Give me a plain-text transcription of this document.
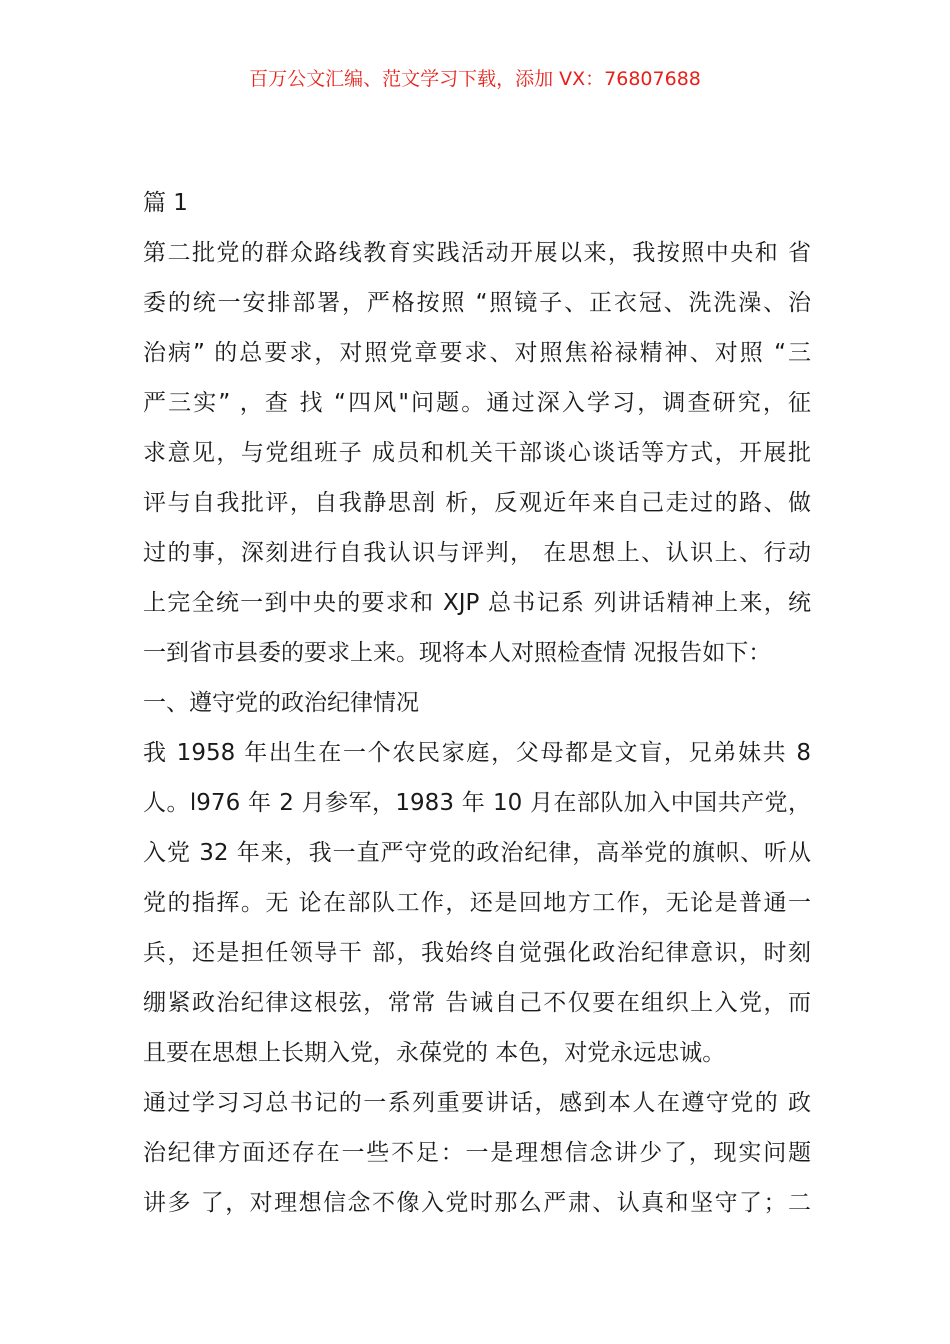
百万公文汇编、范文学习下载，添加 VX：76807688
篇 1
第二批党的群众路线教育实践活动开展以来，我按照中央和 省
委的统一安排部署，严格按照 “照镜子、正衣冠、洗洗澡、治
治病” 的总要求，对照党章要求、对照焦裕禄精神、对照 “三
严三实” ，查 找 “四风"问题。通过深入学习，调查研究，征
求意见，与党组班子 成员和机关干部谈心谈话等方式，开展批
评与自我批评，自我静思剖 析，反观近年来自己走过的路、做
过的事，深刻进行自我认识与评判， 在思想上、认识上、行动
上完全统一到中央的要求和 XJP 总书记系 列讲话精神上来，统
一到省市县委的要求上来。现将本人对照检查情 况报告如下：
一、遵守党的政治纪律情况
我 1958 年出生在一个农民家庭，父母都是文盲，兄弟妹共 8
人。l976 年 2 月参军，1983 年 10 月在部队加入中国共产党，
入党 32 年来，我一直严守党的政治纪律，高举党的旗帜、听从
党的指挥。无 论在部队工作，还是回地方工作，无论是普通一
兵，还是担任领导干 部，我始终自觉强化政治纪律意识，时刻
绷紧政治纪律这根弦，常常 告诫自己不仅要在组织上入党，而
且要在思想上长期入党，永葆党的 本色，对党永远忠诚。
通过学习习总书记的一系列重要讲话，感到本人在遵守党的 政
治纪律方面还存在一些不足：一是理想信念讲少了，现实问题
讲多 了，对理想信念不像入党时那么严肃、认真和坚守了；二
